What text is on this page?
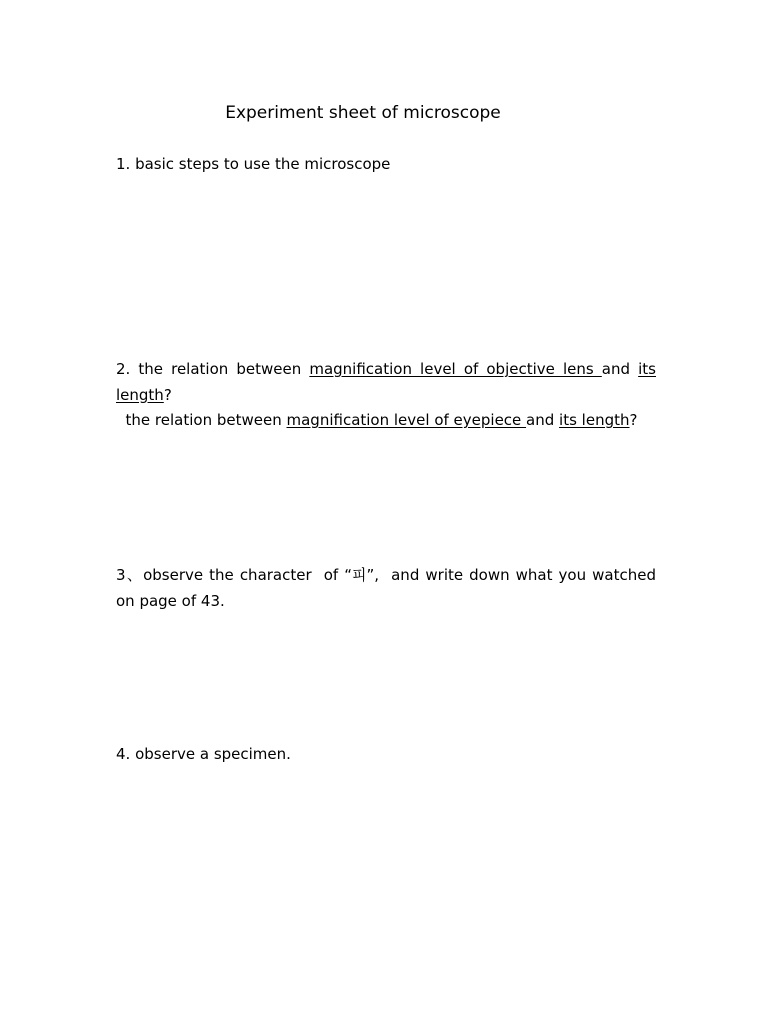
Experiment sheet of microscope
1. basic steps to use the microscope
2. the relation between magnification level of objective lens and its length?
the relation between magnification level of eyepiece and its length?
3、observe the character  of “피”,  and write down what you watched on page of 43.
4. observe a specimen.
